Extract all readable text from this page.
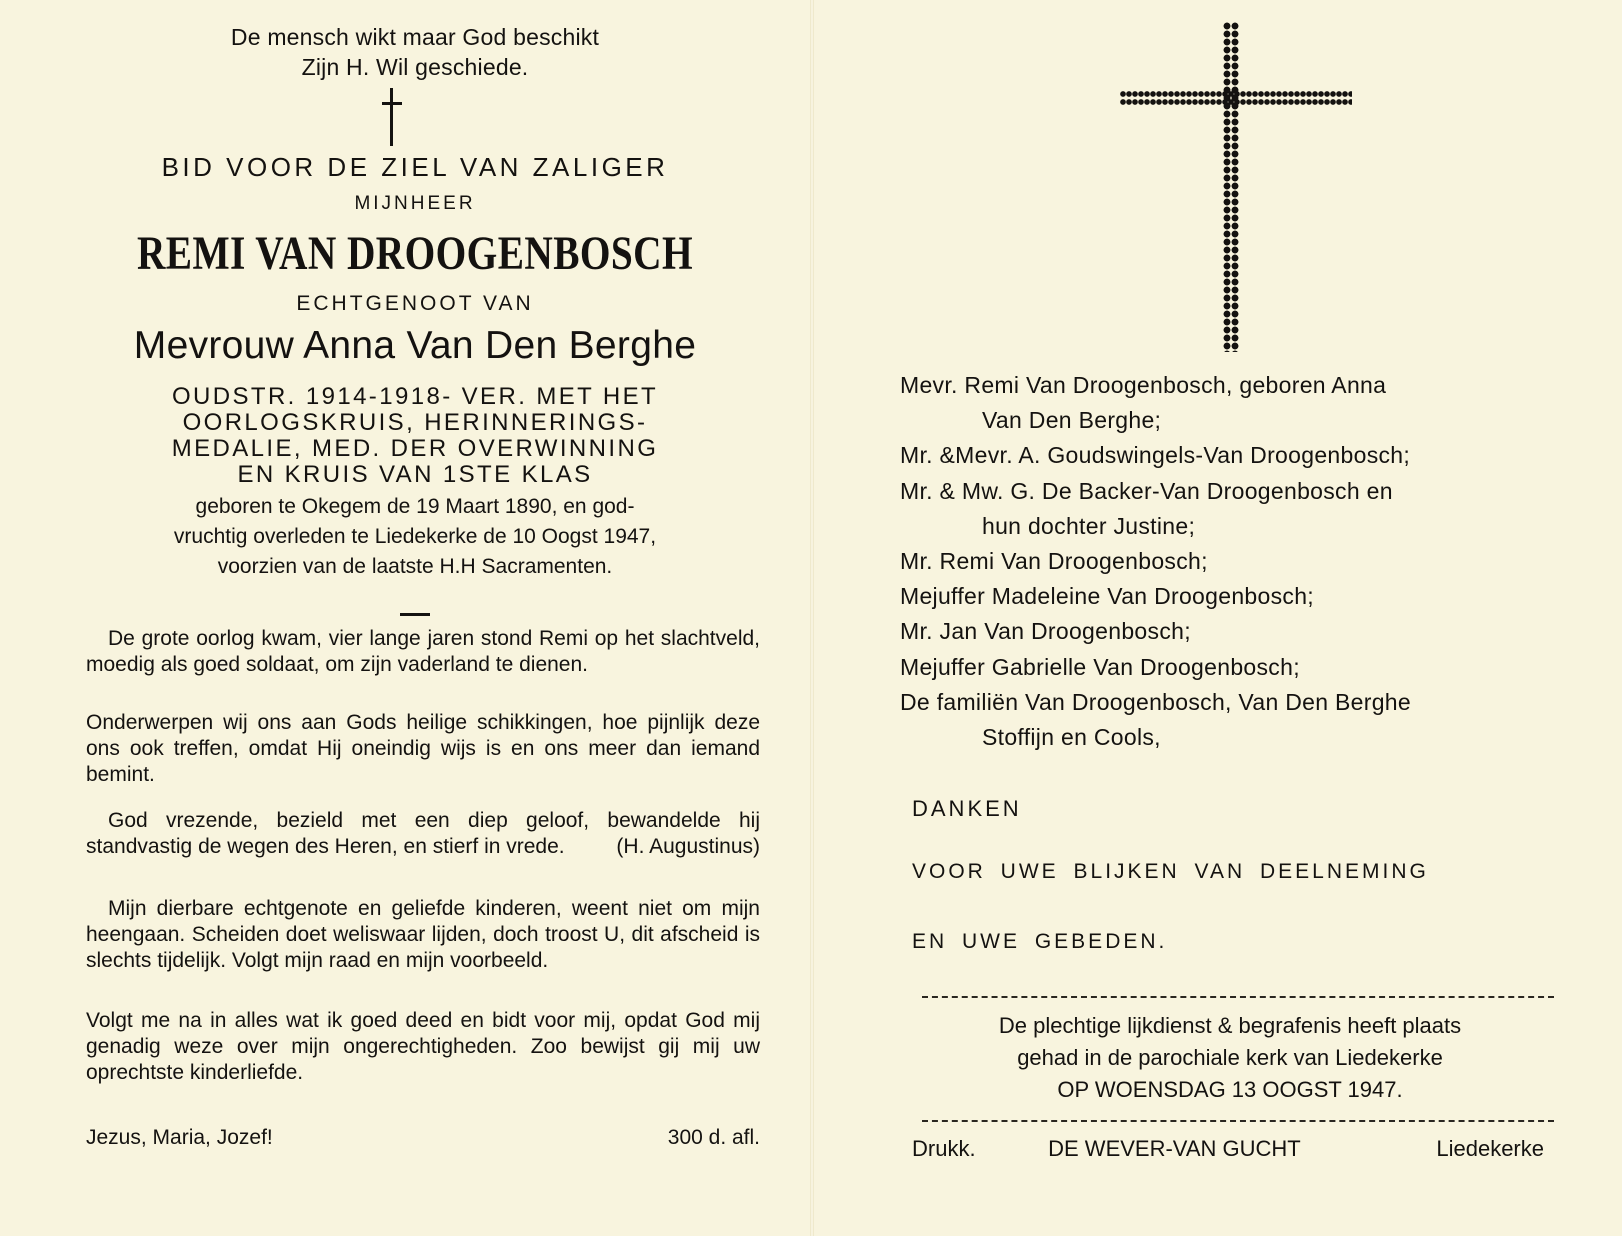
De mensch wikt maar God beschikt
Zijn H. Wil geschiede.
BID VOOR DE ZIEL VAN ZALIGER
MIJNHEER
REMI VAN DROOGENBOSCH
ECHTGENOOT VAN
Mevrouw Anna Van Den Berghe
OUDSTR. 1914-1918- VER. MET HET
OORLOGSKRUIS, HERINNERINGS-
MEDALIE, MED. DER OVERWINNING
EN KRUIS VAN 1STE KLAS
geboren te Okegem de 19 Maart 1890, en god-
vruchtig overleden te Liedekerke de 10 Oogst 1947,
voorzien van de laatste H.H Sacramenten.
De grote oorlog kwam, vier lange jaren stond Remi op het slachtveld, moedig als goed soldaat, om zijn vaderland te dienen.
Onderwerpen wij ons aan Gods heilige schikkingen, hoe pijnlijk deze ons ook treffen, omdat Hij oneindig wijs is en ons meer dan iemand bemint.
God vrezende, bezield met een diep geloof, bewandelde hij standvastig de wegen des Heren, en stierf in vrede.	(H. Augustinus)
Mijn dierbare echtgenote en geliefde kinderen, weent niet om mijn heengaan. Scheiden doet weliswaar lijden, doch troost U, dit afscheid is slechts tijdelijk. Volgt mijn raad en mijn voorbeeld.
Volgt me na in alles wat ik goed deed en bidt voor mij, opdat God mij genadig weze over mijn ongerechtigheden. Zoo bewijst gij mij uw oprechtste kinderliefde.
Jezus, Maria, Jozef!	300 d. afl.
Mevr. Remi Van Droogenbosch, geboren Anna
Van Den Berghe;
Mr. &Mevr. A. Goudswingels-Van Droogenbosch;
Mr. & Mw. G. De Backer-Van Droogenbosch en
hun dochter Justine;
Mr. Remi Van Droogenbosch;
Mejuffer Madeleine Van Droogenbosch;
Mr. Jan Van Droogenbosch;
Mejuffer Gabrielle Van Droogenbosch;
De familiën Van Droogenbosch, Van Den Berghe
Stoffijn en Cools,
DANKEN
VOOR UWE BLIJKEN VAN DEELNEMING
EN UWE GEBEDEN.
De plechtige lijkdienst & begrafenis heeft plaats
gehad in de parochiale kerk van Liedekerke
OP WOENSDAG 13 OOGST 1947.
Drukk.	DE WEVER-VAN GUCHT	Liedekerke
